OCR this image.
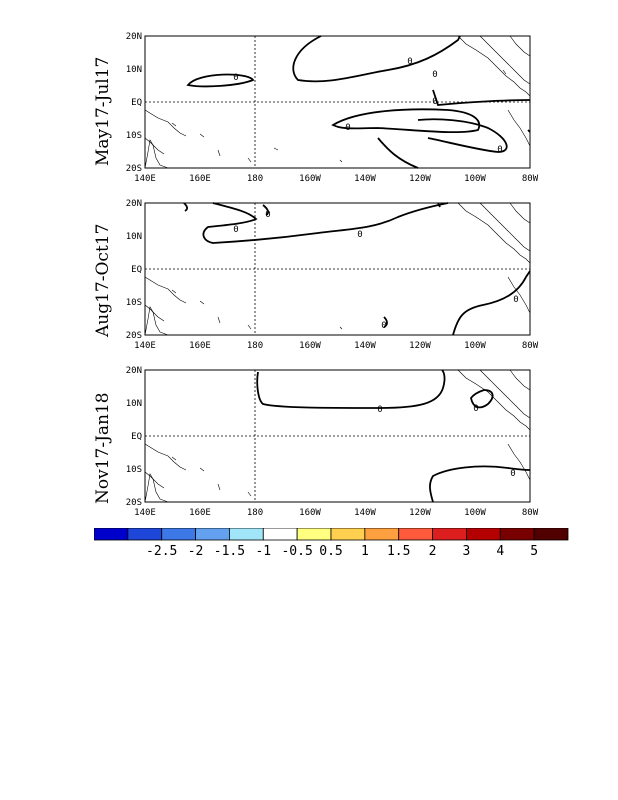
May17-Jul17
20N
10N
EQ
10S
20S
140E	160E	180	160W	140W	120W	100W	80W
0
0
0
0
0
0
Aug17-Oct17
20N
10N
EQ
10S
20S
140E	160E	180	160W	140W	120W	100W	80W
0
0
0
0
0
Nov17-Jan18
20N
10N
EQ
10S
20S
140E	160E	180	160W	140W	120W	100W	80W
0	0
0
-2.5 -2 -1.5 -1 -0.5 0.5 1 1.5 2 3 4 5
